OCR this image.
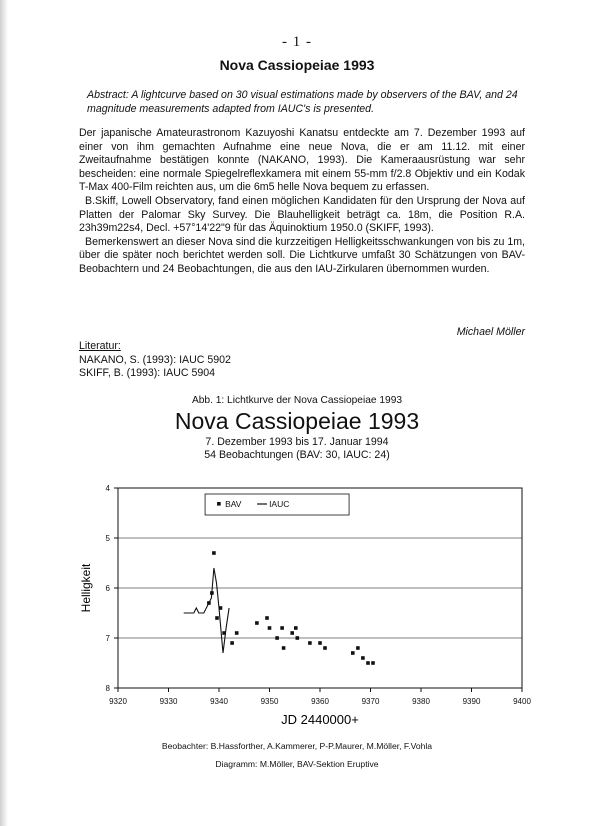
- 1 -
Nova Cassiopeiae 1993
Abstract: A lightcurve based on 30 visual estimations made by observers of the BAV, and 24 magnitude measurements adapted from IAUC's is presented.

Der japanische Amateurastronom Kazuyoshi Kanatsu entdeckte am 7. Dezember 1993 auf einer von ihm gemachten Aufnahme eine neue Nova, die er am 11.12. mit einer Zweitaufnahme bestätigen konnte (NAKANO, 1993). Die Kameraausrüstung war sehr bescheiden: eine normale Spiegelreflexkamera mit einem 55-mm f/2.8 Objektiv und ein Kodak T-Max 400-Film reichten aus, um die 6m5 helle Nova bequem zu erfassen.

B.Skiff, Lowell Observatory, fand einen möglichen Kandidaten für den Ursprung der Nova auf Platten der Palomar Sky Survey. Die Blauhelligkeit beträgt ca. 18m, die Position R.A. 23h39m22s4, Decl. +57°14'22"9 für das Äquinoktium 1950.0 (SKIFF, 1993).

Bemerkenswert an dieser Nova sind die kurzzeitigen Helligkeitsschwankungen von bis zu 1m, über die später noch berichtet werden soll. Die Lichtkurve umfaßt 30 Schätzungen von BAV-Beobachtern und 24 Beobachtungen, die aus den IAU-Zirkularen übernommen wurden.

Michael Möller
Literatur:
NAKANO, S. (1993): IAUC 5902
SKIFF, B. (1993): IAUC 5904
Abb. 1: Lichtkurve der Nova Cassiopeiae 1993
Nova Cassiopeiae 1993
7. Dezember 1993 bis 17. Januar 1994
54 Beobachtungen (BAV: 30, IAUC: 24)
4
5
6
7
8
9320	9330	9340	9350	9360	9370	9380	9390	9400
BAV	IAUC
Helligkeit
JD 2440000+
Beobachter: B.Hassforther, A.Kammerer, P-P.Maurer, M.Möller, F.Vohla
Diagramm: M.Möller, BAV-Sektion Eruptive
